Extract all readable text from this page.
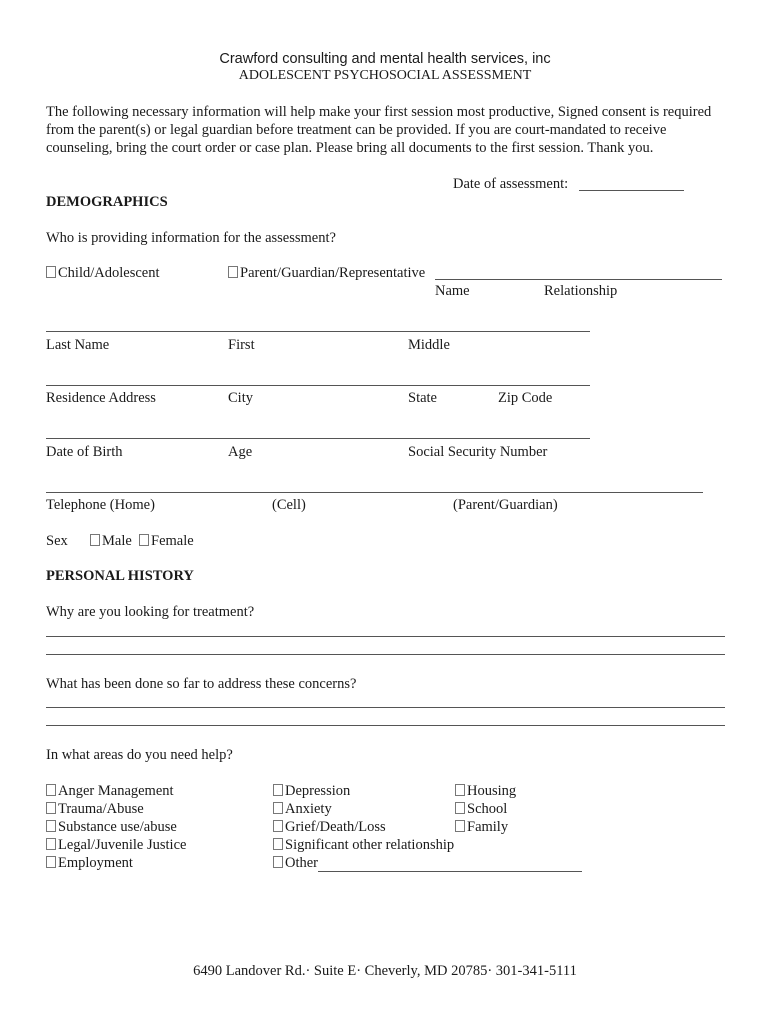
Crawford consulting and mental health services, inc
ADOLESCENT PSYCHOSOCIAL ASSESSMENT
The following necessary information will help make your first session most productive, Signed consent is required from the parent(s) or legal guardian before treatment can be provided. If you are court-mandated to receive counseling, bring the court order or case plan. Please bring all documents to the first session. Thank you.
Date of assessment:
DEMOGRAPHICS
Who is providing information for the assessment?
Child/Adolescent	Parent/Guardian/Representative
Name	Relationship
Last Name	First	Middle
Residence Address	City	State	Zip Code
Date of Birth	Age	Social Security Number
Telephone (Home)	(Cell)	(Parent/Guardian)
Sex	Male	Female
PERSONAL HISTORY
Why are you looking for treatment?
What has been done so far to address these concerns?
In what areas do you need help?
Anger Management
Trauma/Abuse
Substance use/abuse
Legal/Juvenile Justice
Employment
Depression
Anxiety
Grief/Death/Loss
Significant other relationship
Other
Housing
School
Family
6490 Landover Rd.· Suite E· Cheverly, MD 20785· 301-341-5111
